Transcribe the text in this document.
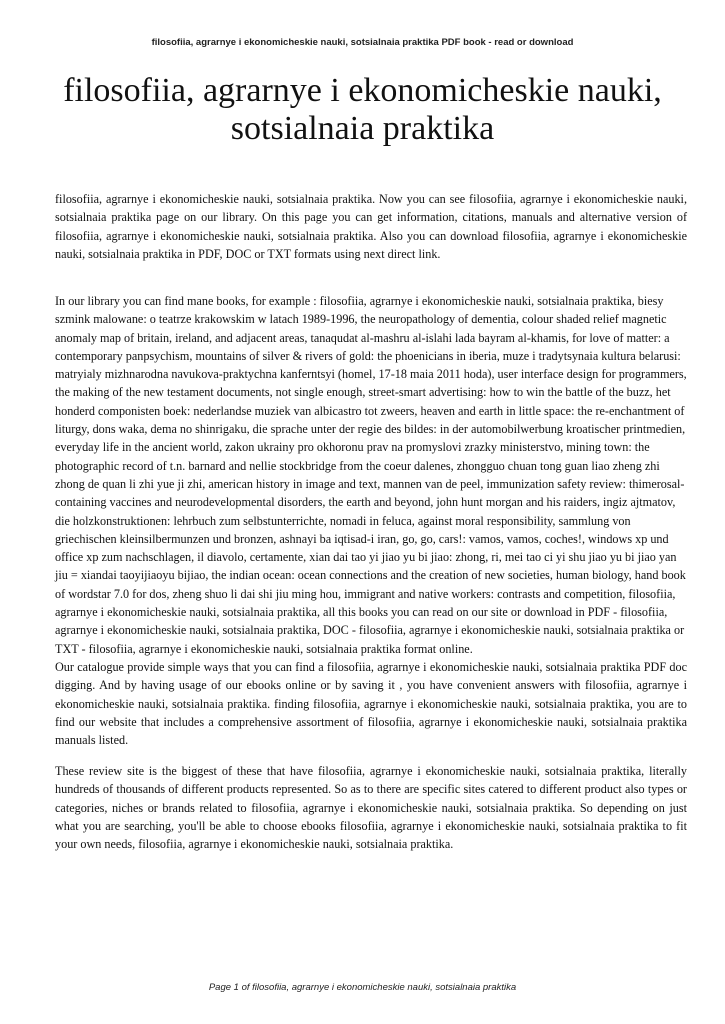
filosofiia, agrarnye i ekonomicheskie nauki, sotsialnaia praktika PDF book - read or download
filosofiia, agrarnye i ekonomicheskie nauki, sotsialnaia praktika

filosofiia, agrarnye i ekonomicheskie nauki, sotsialnaia praktika. Now you can see filosofiia, agrarnye i ekonomicheskie nauki, sotsialnaia praktika page on our library. On this page you can get information, citations, manuals and alternative version of filosofiia, agrarnye i ekonomicheskie nauki, sotsialnaia praktika. Also you can download filosofiia, agrarnye i ekonomicheskie nauki, sotsialnaia praktika in PDF, DOC or TXT formats using next direct link.

In our library you can find mane books, for example : filosofiia, agrarnye i ekonomicheskie nauki, sotsialnaia praktika, biesy szmink malowane: o teatrze krakowskim w latach 1989-1996, the neuropathology of dementia, colour shaded relief magnetic anomaly map of britain, ireland, and adjacent areas, tanaqudat al-mashru al-islahi lada bayram al-khamis, for love of matter: a contemporary panpsychism, mountains of silver & rivers of gold: the phoenicians in iberia, muze i tradytsynaia kultura belarusi: matryialy mizhnarodna navukova-praktychna kanferntsyi (homel, 17-18 maia 2011 hoda), user interface design for programmers, the making of the new testament documents, not single enough, street-smart advertising: how to win the battle of the buzz, het honderd componisten boek: nederlandse muziek van albicastro tot zweers, heaven and earth in little space: the re-enchantment of liturgy, dons waka, dema no shinrigaku, die sprache unter der regie des bildes: in der automobilwerbung kroatischer printmedien, everyday life in the ancient world, zakon ukrainy pro okhoronu prav na promyslovi zrazky ministerstvo, mining town: the photographic record of t.n. barnard and nellie stockbridge from the coeur dalenes, zhongguo chuan tong guan liao zheng zhi zhong de quan li zhi yue ji zhi, american history in image and text, mannen van de peel, immunization safety review: thimerosal-containing vaccines and neurodevelopmental disorders, the earth and beyond, john hunt morgan and his raiders, ingiz ajtmatov, die holzkonstruktionen: lehrbuch zum selbstunterrichte, nomadi in feluca, against moral responsibility, sammlung von griechischen kleinsilbermunzen und bronzen, ashnayi ba iqtisad-i iran, go, go, cars!: vamos, vamos, coches!, windows xp und office xp zum nachschlagen, il diavolo, certamente, xian dai tao yi jiao yu bi jiao: zhong, ri, mei tao ci yi shu jiao yu bi jiao yan jiu = xiandai taoyijiaoyu bijiao, the indian ocean: ocean connections and the creation of new societies, human biology, hand book of wordstar 7.0 for dos, zheng shuo li dai shi jiu ming hou, immigrant and native workers: contrasts and competition, filosofiia, agrarnye i ekonomicheskie nauki, sotsialnaia praktika, all this books you can read on our site or download in PDF - filosofiia, agrarnye i ekonomicheskie nauki, sotsialnaia praktika, DOC - filosofiia, agrarnye i ekonomicheskie nauki, sotsialnaia praktika or TXT - filosofiia, agrarnye i ekonomicheskie nauki, sotsialnaia praktika format online.

Our catalogue provide simple ways that you can find a filosofiia, agrarnye i ekonomicheskie nauki, sotsialnaia praktika PDF doc digging. And by having usage of our ebooks online or by saving it , you have convenient answers with filosofiia, agrarnye i ekonomicheskie nauki, sotsialnaia praktika. finding filosofiia, agrarnye i ekonomicheskie nauki, sotsialnaia praktika, you are to find our website that includes a comprehensive assortment of filosofiia, agrarnye i ekonomicheskie nauki, sotsialnaia praktika manuals listed.

These review site is the biggest of these that have filosofiia, agrarnye i ekonomicheskie nauki, sotsialnaia praktika, literally hundreds of thousands of different products represented. So as to there are specific sites catered to different product also types or categories, niches or brands related to filosofiia, agrarnye i ekonomicheskie nauki, sotsialnaia praktika. So depending on just what you are searching, you'll be able to choose ebooks filosofiia, agrarnye i ekonomicheskie nauki, sotsialnaia praktika to fit your own needs, filosofiia, agrarnye i ekonomicheskie nauki, sotsialnaia praktika.

Page 1 of filosofiia, agrarnye i ekonomicheskie nauki, sotsialnaia praktika
